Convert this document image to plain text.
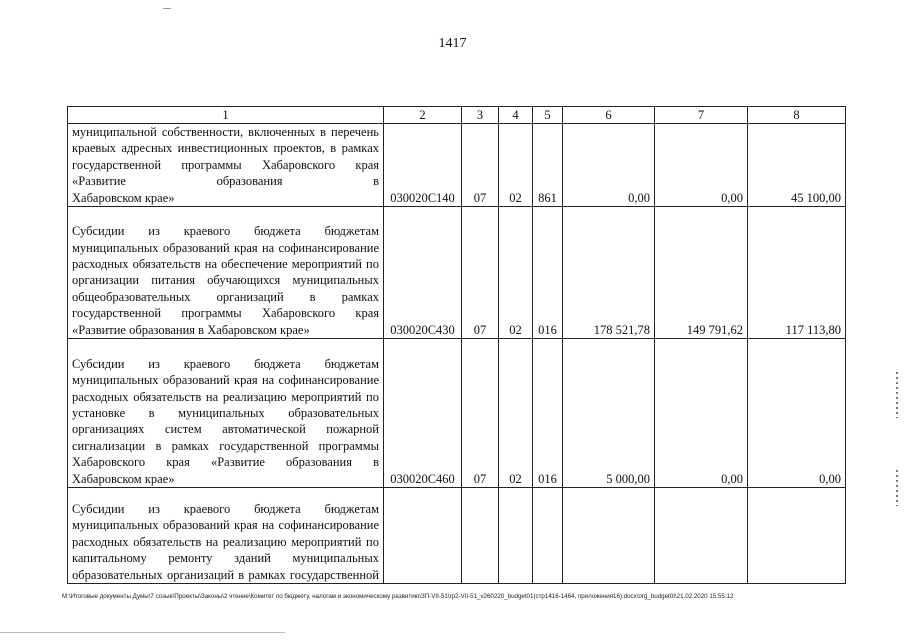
1417
1	2	3	4	5	6	7	8

муниципальной собственности, включенных в перечень краевых адресных инвестиционных проектов, в рамках государственной программы Хабаровского края «Развитие образования в
Хабаровском крае»	030020С140	07	02	861	0,00	0,00	45 100,00

Субсидии из краевого бюджета бюджетам муниципальных образований края на софинансирование расходных обязательств на обеспечение мероприятий по организации питания обучающихся муниципальных общеобразовательных организаций в рамках государственной программы Хабаровского края
«Развитие образования в Хабаровском крае»	030020С430	07	02	016	178 521,78	149 791,62	117 113,80

Субсидии из краевого бюджета бюджетам муниципальных образований края на софинансирование расходных обязательств на реализацию мероприятий по установке в муниципальных образовательных организациях систем автоматической пожарной сигнализации в рамках государственной программы Хабаровского края «Развитие образования в
Хабаровском крае»	030020С460	07	02	016	5 000,00	0,00	0,00

Субсидии из краевого бюджета бюджетам муниципальных образований края на софинансирование расходных обязательств на реализацию мероприятий по капитальному ремонту зданий муниципальных образовательных организаций в рамках государственной							

M:\Итоговые документы Думы\7 созыв\Проекты\Законы\2 чтение\Комитет по бюджету, налогам и экономическому развитию\ЗП-VII-51\rp2-VII-51_v260220_budget01(стр1416-1464, приложения16).docx\org_budget0I\21.02.2020 15:55:12
